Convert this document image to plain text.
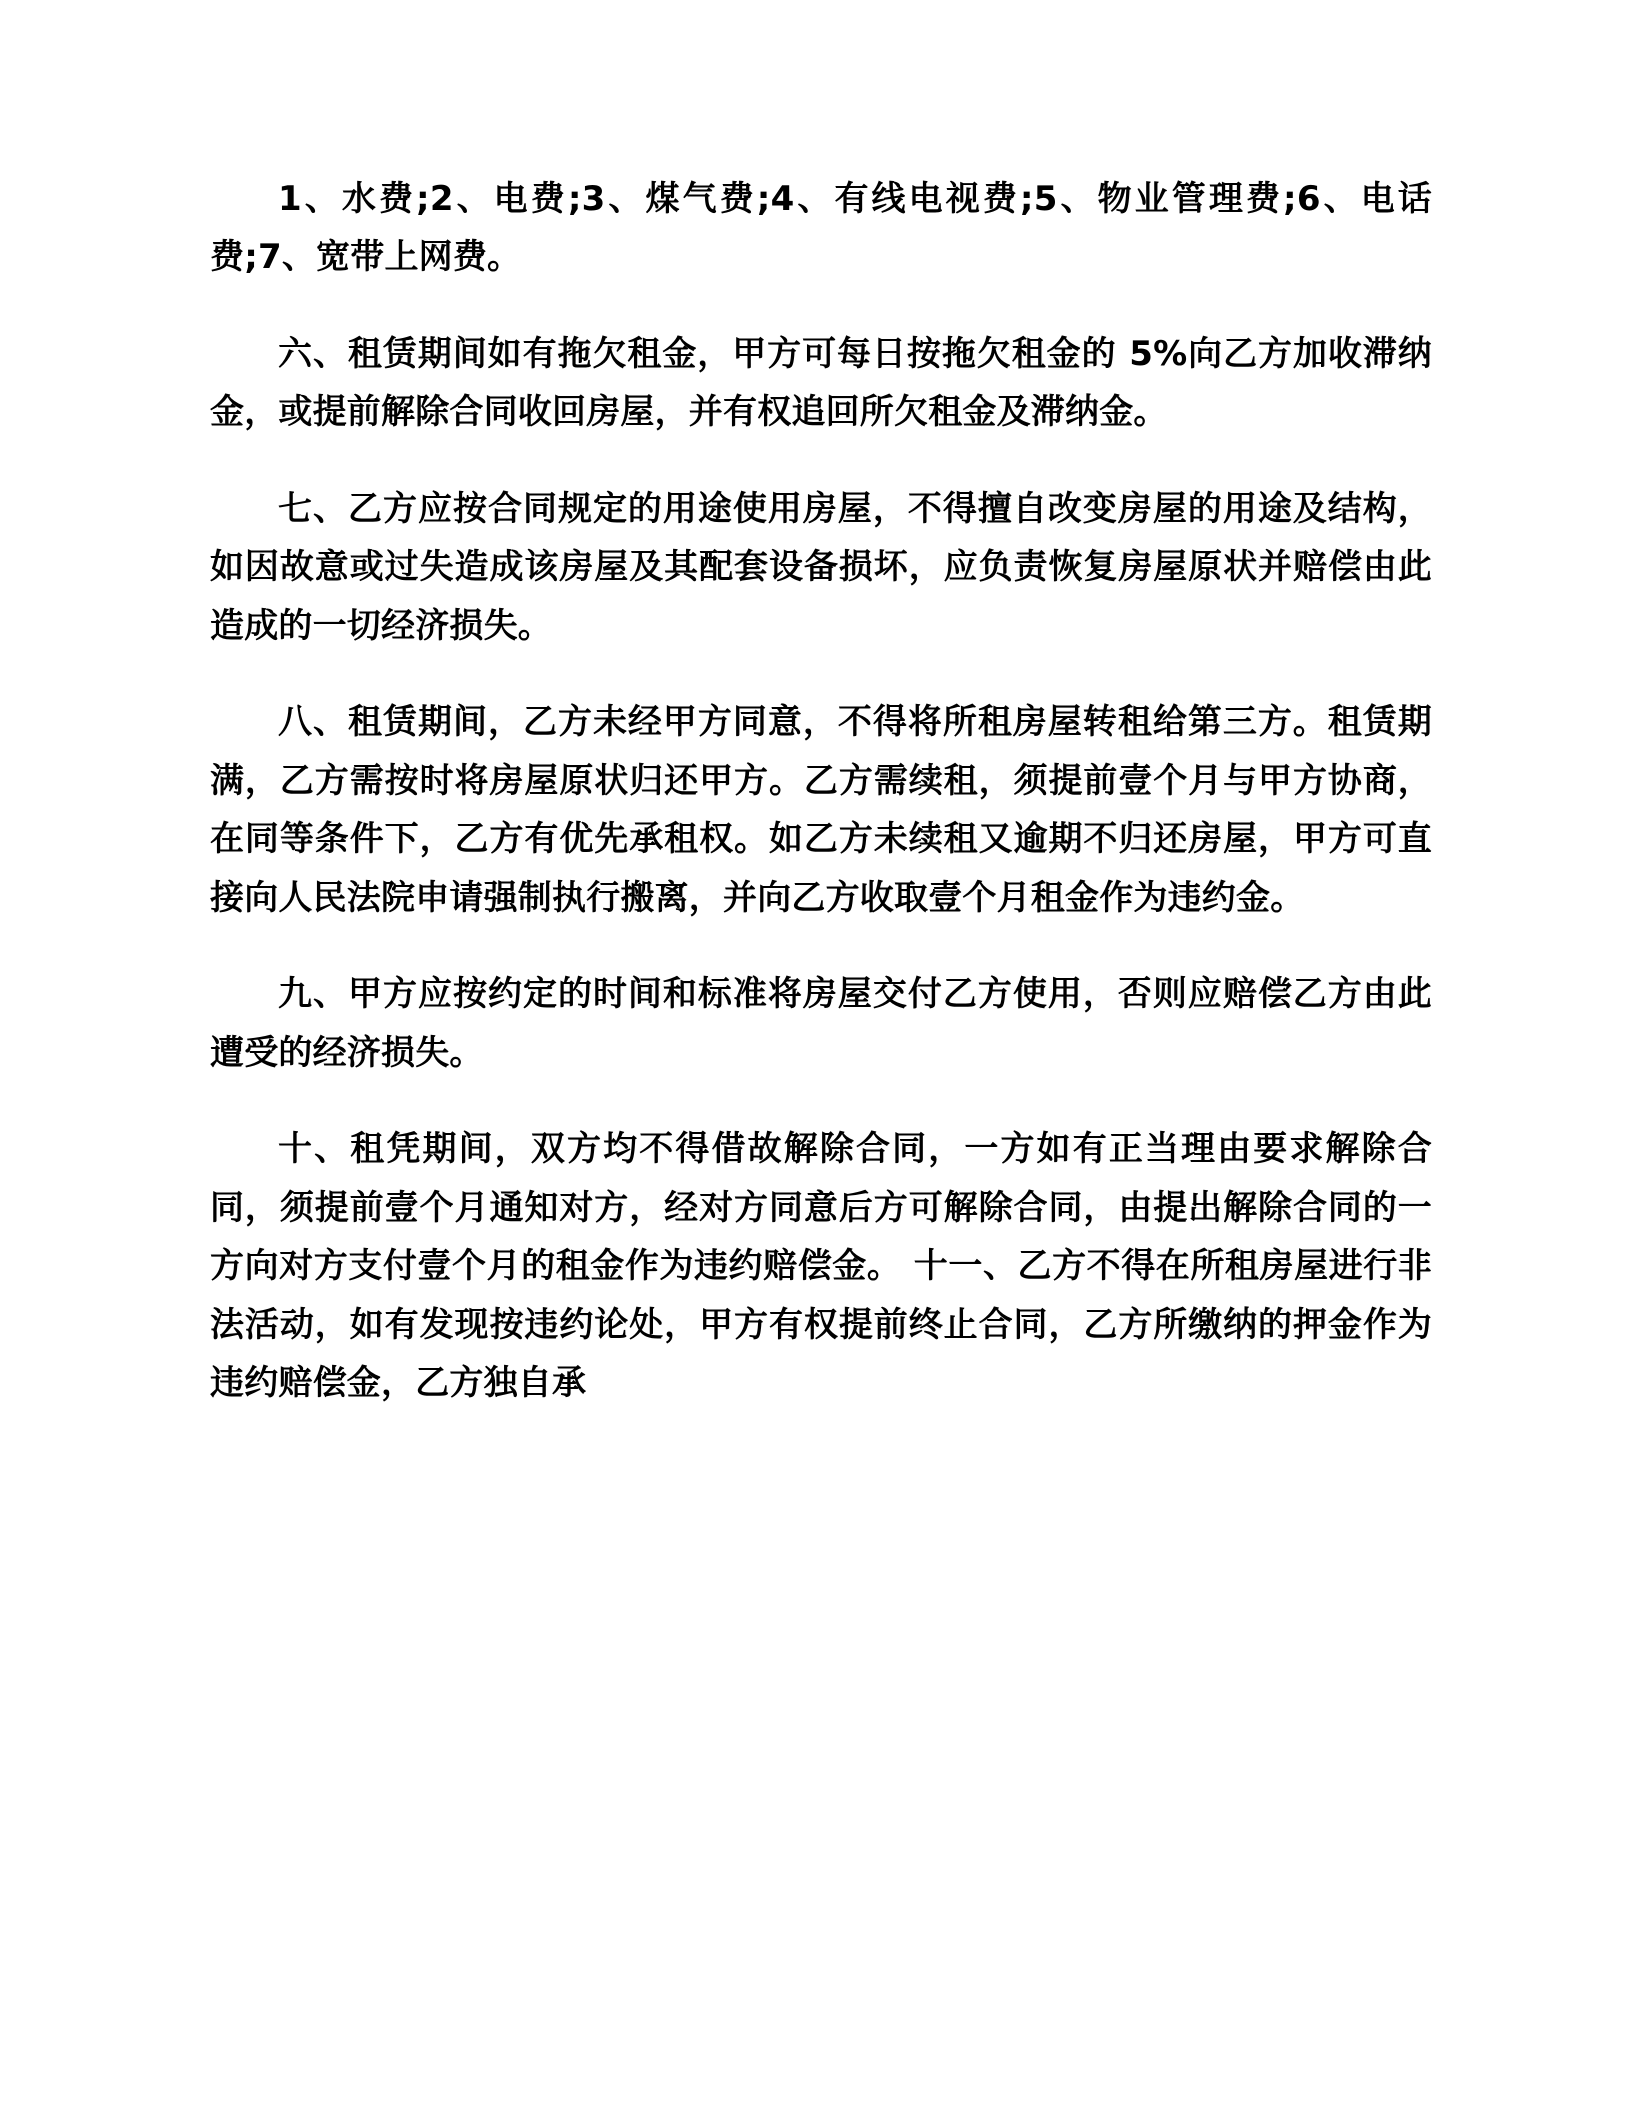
1、水费;2、电费;3、煤气费;4、有线电视费;5、物业管理费;6、电话费;7、宽带上网费。

六、租赁期间如有拖欠租金，甲方可每日按拖欠租金的 5%向乙方加收滞纳金，或提前解除合同收回房屋，并有权追回所欠租金及滞纳金。

七、乙方应按合同规定的用途使用房屋，不得擅自改变房屋的用途及结构，如因故意或过失造成该房屋及其配套设备损坏，应负责恢复房屋原状并赔偿由此造成的一切经济损失。

八、租赁期间，乙方未经甲方同意，不得将所租房屋转租给第三方。租赁期满，乙方需按时将房屋原状归还甲方。乙方需续租，须提前壹个月与甲方协商，在同等条件下，乙方有优先承租权。如乙方未续租又逾期不归还房屋，甲方可直接向人民法院申请强制执行搬离，并向乙方收取壹个月租金作为违约金。

九、甲方应按约定的时间和标准将房屋交付乙方使用，否则应赔偿乙方由此遭受的经济损失。

十、租凭期间，双方均不得借故解除合同，一方如有正当理由要求解除合同，须提前壹个月通知对方，经对方同意后方可解除合同，由提出解除合同的一方向对方支付壹个月的租金作为违约赔偿金。 十一、乙方不得在所租房屋进行非法活动，如有发现按违约论处，甲方有权提前终止合同，乙方所缴纳的押金作为违约赔偿金，乙方独自承
